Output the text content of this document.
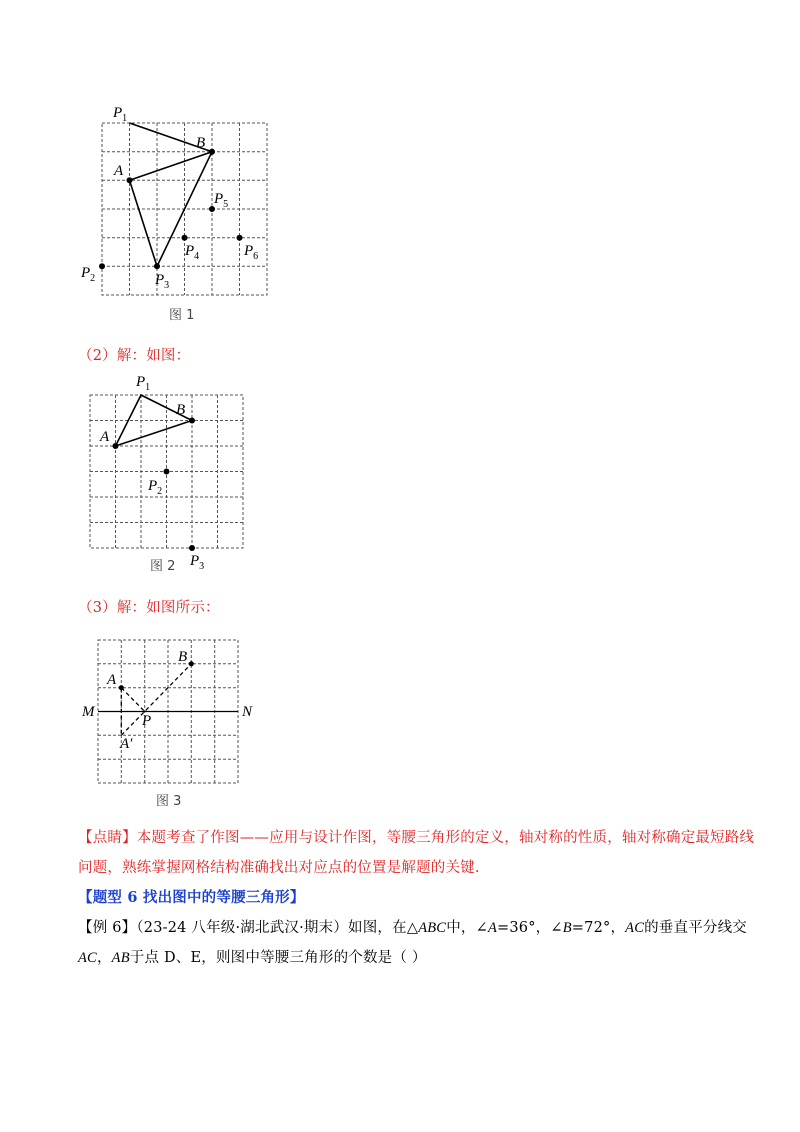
$P_1$
B
A
$P_5$
$P_4$	$P_6$
$P_2$	$P_3$
图 1
（2）解：如图：
$P_1$
B
A
$P_2$
$P_3$
图 2
（3）解：如图所示：
B
A
M	N
P
A′
图 3
【点睛】本题考查了作图——应用与设计作图，等腰三角形的定义，轴对称的性质，轴对称确定最短路线
问题，熟练掌握网格结构准确找出对应点的位置是解题的关键.
【题型 6 找出图中的等腰三角形】
【例 6】（23-24 八年级·湖北武汉·期末）如图，在△ABC中，∠A=36°，∠B=72°，AC的垂直平分线交
AC，AB于点 D、E，则图中等腰三角形的个数是（ ）
